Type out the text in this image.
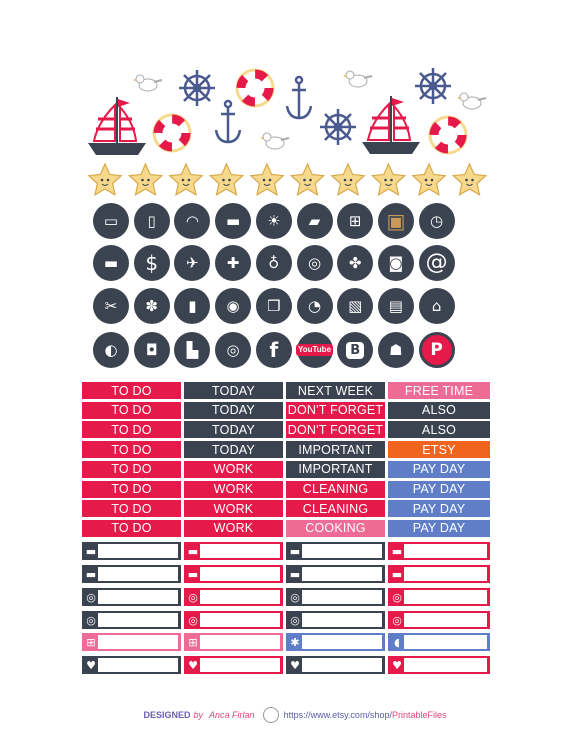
▭ ▯ ◠ ▬ ☀ ▰ ⊞ ▣ ◷
▬ $ ✈ ✚ ♁ ◎ ✤ ◙ @
✂ ✽ ▮ ◉ ❒ ◔ ▧ ▤ ⌂
◐ ◘ ▙ ◎ f YouTube	B ☗ P
TO DO
TO DO
TO DO
TO DO
TO DO
TO DO
TO DO
TO DO
TODAY
TODAY
TODAY
TODAY
WORK
WORK
WORK
WORK
NEXT WEEK
DON'T FORGET
DON'T FORGET
IMPORTANT
IMPORTANT
CLEANING
CLEANING
COOKING
FREE TIME
ALSO
ALSO
ETSY
PAY DAY
PAY DAY
PAY DAY
PAY DAY
▬
▬
◎
◎
⊞
♥
▬
▬
◎
◎
⊞
♥
▬
▬
◎
◎
✱
♥
▬
▬
◎
◎
◖
♥
DESIGNED by Anca Firlan	https://www.etsy.com/shop/ PrintableFiles
